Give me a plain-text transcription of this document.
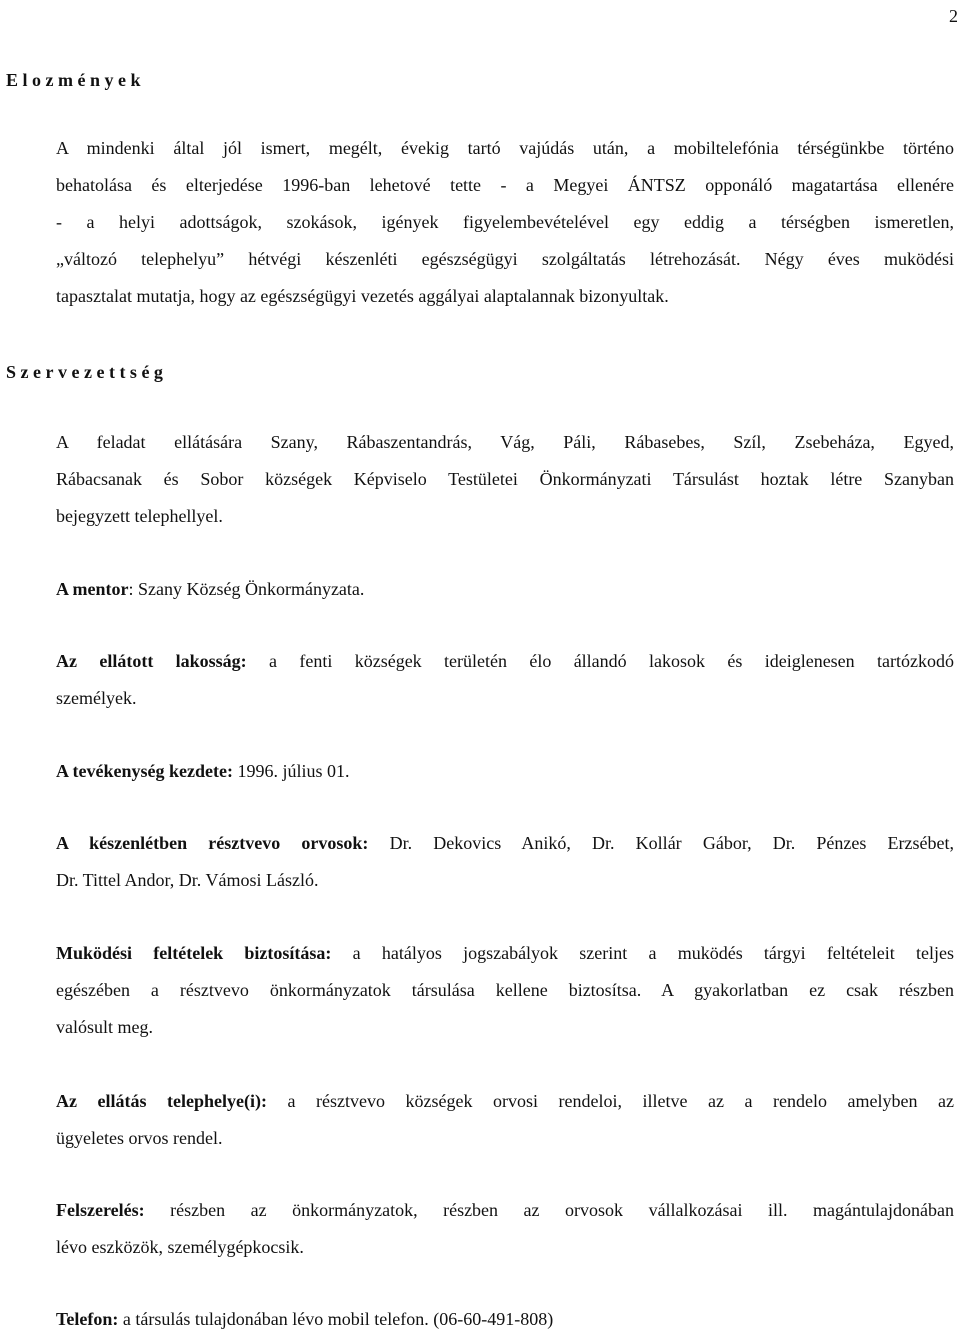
2
Elozmények
A mindenki által jól ismert, megélt, évekig tartó vajúdás után, a mobiltelefónia térségünkbe történo
behatolása és elterjedése 1996-ban lehetové tette - a Megyei ÁNTSZ opponáló magatartása ellenére
- a helyi adottságok, szokások, igények figyelembevételével egy eddig a térségben ismeretlen,
„változó telephelyu” hétvégi készenléti egészségügyi szolgáltatás létrehozását. Négy éves muködési
tapasztalat mutatja, hogy az egészségügyi vezetés aggályai alaptalannak bizonyultak.
Szervezettség
A feladat ellátására Szany, Rábaszentandrás, Vág, Páli, Rábasebes, Szíl, Zsebeháza, Egyed,
Rábacsanak és Sobor községek Képviselo Testületei Önkormányzati Társulást hoztak létre Szanyban
bejegyzett telephellyel.
A mentor: Szany Község Önkormányzata.
Az ellátott lakosság: a fenti községek területén élo állandó lakosok és ideiglenesen tartózkodó
személyek.
A tevékenység kezdete: 1996. július 01.
A készenlétben résztvevo orvosok: Dr. Dekovics Anikó, Dr. Kollár Gábor, Dr. Pénzes Erzsébet,
Dr. Tittel Andor, Dr. Vámosi László.
Muködési feltételek biztosítása: a hatályos jogszabályok szerint a muködés tárgyi feltételeit teljes
egészében a résztvevo önkormányzatok társulása kellene biztosítsa. A gyakorlatban ez csak részben
valósult meg.
Az ellátás telephelye(i): a résztvevo községek orvosi rendeloi, illetve az a rendelo amelyben az
ügyeletes orvos rendel.
Felszerelés: részben az önkormányzatok, részben az orvosok vállalkozásai ill. magántulajdonában
lévo eszközök, személygépkocsik.
Telefon: a társulás tulajdonában lévo mobil telefon. (06-60-491-808)
